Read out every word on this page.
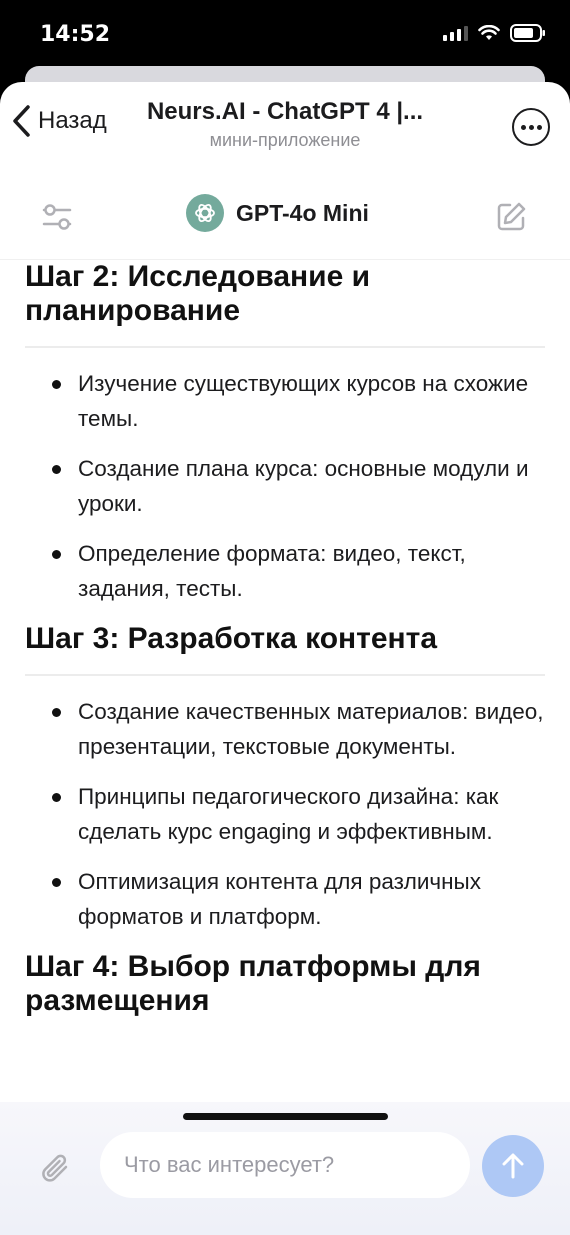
14:52
Назад	Neurs.AI - ChatGPT 4 |...
мини-приложение
GPT-4o Mini
Шаг 2: Исследование и планирование
Изучение существующих курсов на схожие темы.
Создание плана курса: основные модули и уроки.
Определение формата: видео, текст, задания, тесты.
Шаг 3: Разработка контента
Создание качественных материалов: видео, презентации, текстовые документы.
Принципы педагогического дизайна: как сделать курс engaging и эффективным.
Оптимизация контента для различных форматов и платформ.
Шаг 4: Выбор платформы для размещения
Что вас интересует?
